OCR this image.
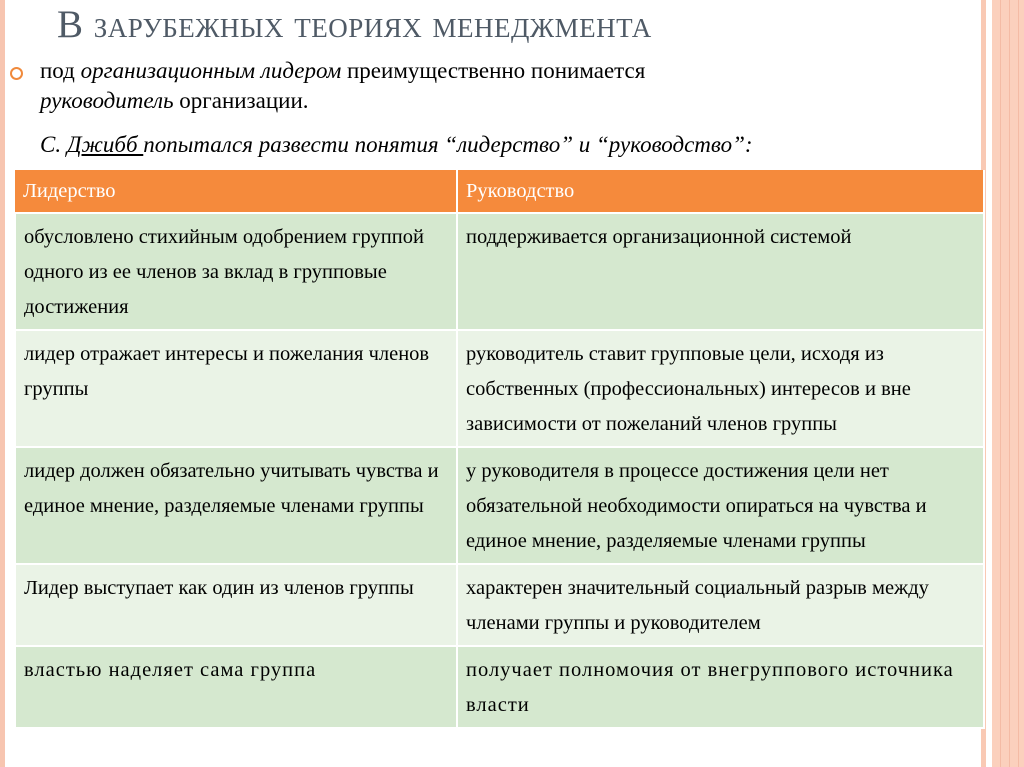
В зарубежных теориях менеджмента
под организационным лидером преимущественно понимается
руководитель организации.
С. Джибб попытался развести понятия “лидерство” и “руководство”:
Лидерство	Руководство
обусловлено стихийным одобрением группой одного из ее членов за вклад в групповые достижения	поддерживается организационной системой
лидер отражает интересы и пожелания членов группы	руководитель ставит групповые цели, исходя из собственных (профессиональных) интересов и вне зависимости от пожеланий членов группы
лидер должен обязательно учитывать чувства и единое мнение, разделяемые членами группы	у руководителя в процессе достижения цели нет обязательной необходимости опираться на чувства и единое мнение, разделяемые членами группы
Лидер выступает как один из членов группы	характерен значительный социальный разрыв между членами группы и руководителем
властью наделяет сама группа	получает полномочия от внегруппового источника власти
